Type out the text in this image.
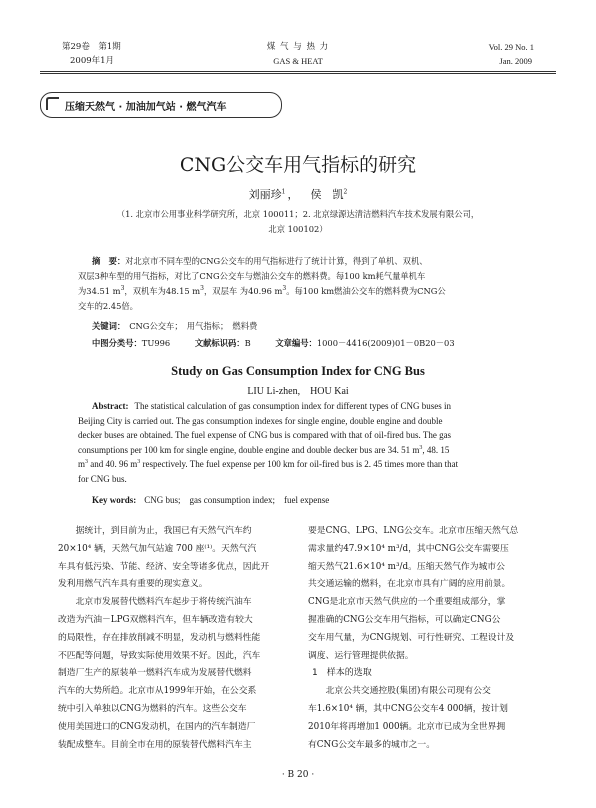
第29卷　第1期
2009年1月
煤 气 与 热 力
GAS & HEAT
Vol. 29 No. 1
Jan. 2009
压缩天然气 · 加油加气站 · 燃气汽车
CNG公交车用气指标的研究
刘丽珍$^1$ ， 侯　凯$^2$
（1. 北京市公用事业科学研究所，北京 100011；2. 北京绿源达清洁燃料汽车技术发展有限公司，
北京 100102）
摘　要：对北京市不同车型的CNG公交车的用气指标进行了统计计算，得到了单机、双机、
双层3种车型的用气指标，对比了CNG公交车与燃油公交车的燃料费。每100 km耗气量单机车
为34.51 $m^3$，双机车为48.15 $m^3$，双层车 为40.96 $m^3$。每100 km燃油公交车的燃料费为CNG公
交车的2.45倍。
关键词： CNG公交车；　用气指标；　燃料费
中图分类号：TU996	文献标识码：B	文章编号：1000－4416(2009)01－0B20－03
Study on Gas Consumption Index for CNG Bus
LIU Li-zhen,　HOU Kai
Abstract: The statistical calculation of gas consumption index for different types of CNG buses in
Beijing City is carried out. The gas consumption indexes for single engine, double engine and double
decker buses are obtained. The fuel expense of CNG bus is compared with that of oil-fired bus. The gas
consumptions per 100 km for single engine, double engine and double decker bus are 34. 51 $m^3$, 48. 15
$m^3$ and 40. 96 $m^3$ respectively. The fuel expense per 100 km for oil-fired bus is 2. 45 times more than that
for CNG bus.
Key words: CNG bus;　gas consumption index;　fuel expense
据统计，到目前为止，我国已有天然气汽车约
20×10⁴ 辆，天然气加气站逾 700 座⁽¹⁾。天然气汽
车具有低污染、节能、经济、安全等诸多优点，因此开
发利用燃气汽车具有重要的现实意义。
北京市发展替代燃料汽车起步于将传统汽油车
改造为汽油－LPG双燃料汽车，但车辆改造有较大
的局限性，存在排放削减不明显，发动机与燃料性能
不匹配等问题，导致实际使用效果不好。因此，汽车
制造厂生产的原装单一燃料汽车成为发展替代燃料
汽车的大势所趋。北京市从1999年开始，在公交系
统中引入单独以CNG为燃料的汽车。这些公交车
使用美国进口的CNG发动机，在国内的汽车制造厂
装配成整车。目前全市在用的原装替代燃料汽车主
要是CNG、LPG、LNG公交车。北京市压缩天然气总
需求量约47.9×10⁴ m³/d，其中CNG公交车需要压
缩天然气21.6×10⁴ m³/d。压缩天然气作为城市公
共交通运输的燃料，在北京市具有广阔的应用前景。
CNG是北京市天然气供应的一个重要组成部分，掌
握准确的CNG公交车用气指标，可以确定CNG公
交车用气量，为CNG规划、可行性研究、工程设计及
调度、运行管理提供依据。
1　样本的选取
北京公共交通控股(集团)有限公司现有公交
车1.6×10⁴ 辆，其中CNG公交车4 000辆，按计划
2010年将再增加1 000辆。北京市已成为全世界拥
有CNG公交车最多的城市之一。
· B 20 ·
